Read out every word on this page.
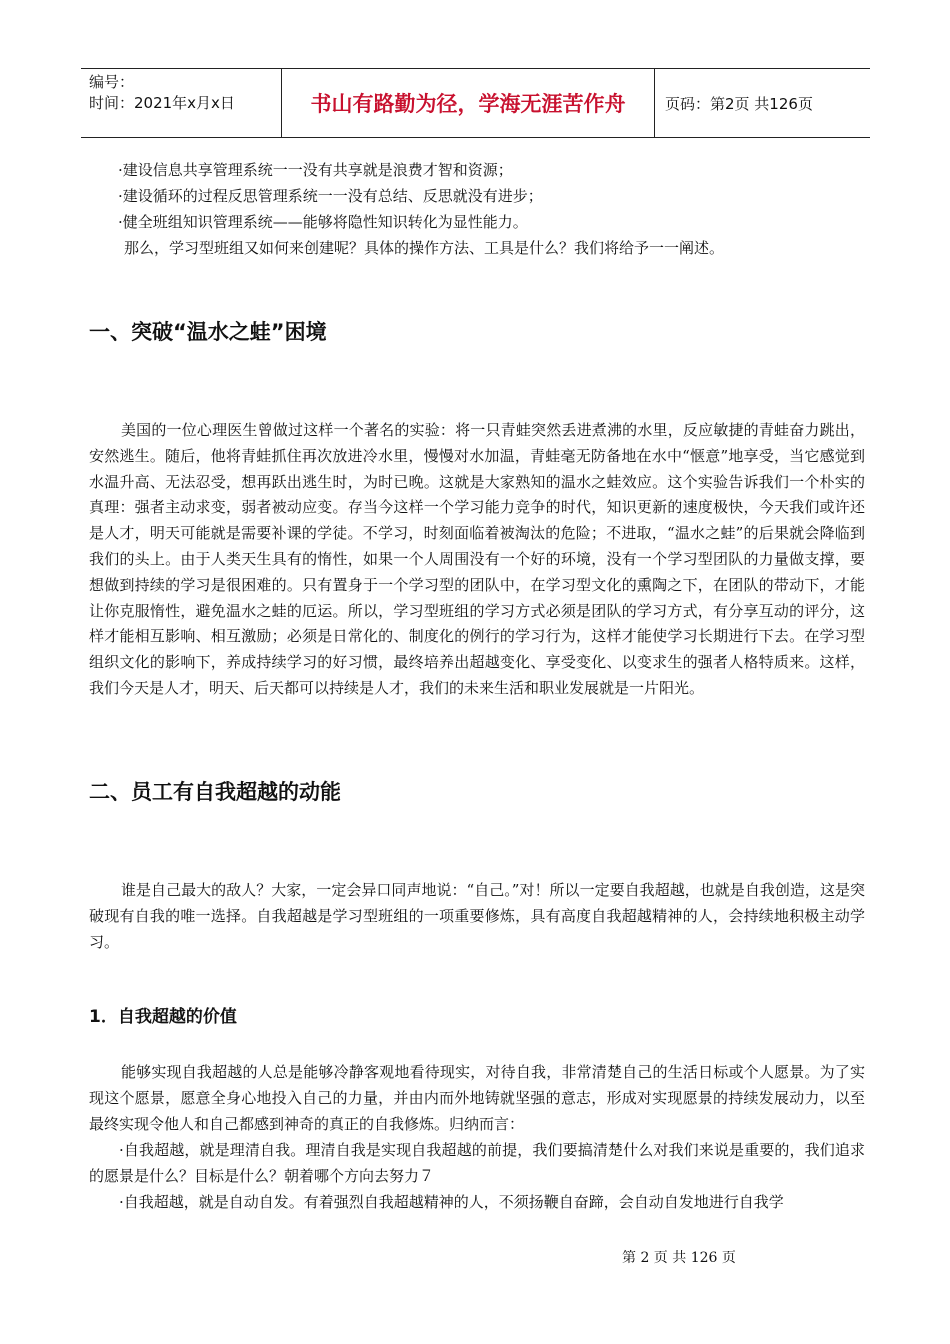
编号：
时间：2021年x月x日	书山有路勤为径，学海无涯苦作舟	页码：第2页 共126页

·建设信息共享管理系统一一没有共享就是浪费才智和资源；

·建设循环的过程反思管理系统一一没有总结、反思就没有进步；

·健全班组知识管理系统——能够将隐性知识转化为显性能力。

那么，学习型班组又如何来创建呢？具体的操作方法、工具是什么？我们将给予一一阐述。

一、突破“温水之蛙”困境

美国的一位心理医生曾做过这样一个著名的实验：将一只青蛙突然丢进煮沸的水里，反应敏捷的青蛙奋力跳出，安然逃生。随后，他将青蛙抓住再次放进冷水里，慢慢对水加温，青蛙毫无防备地在水中“惬意”地享受，当它感觉到水温升高、无法忍受，想再跃出逃生时，为时已晚。这就是大家熟知的温水之蛙效应。这个实验告诉我们一个朴实的真理：强者主动求变，弱者被动应变。存当今这样一个学习能力竞争的时代，知识更新的速度极快，今天我们或许还是人才，明天可能就是需要补课的学徒。不学习，时刻面临着被淘汰的危险；不进取，“温水之蛙”的后果就会降临到我们的头上。由于人类天生具有的惰性，如果一个人周围没有一个好的环境，没有一个学习型团队的力量做支撑，要想做到持续的学习是很困难的。只有置身于一个学习型的团队中，在学习型文化的熏陶之下，在团队的带动下，才能让你克服惰性，避免温水之蛙的厄运。所以，学习型班组的学习方式必须是团队的学习方式，有分享互动的评分，这样才能相互影响、相互激励；必须是日常化的、制度化的例行的学习行为，这样才能使学习长期进行下去。在学习型组织文化的影响下，养成持续学习的好习惯，最终培养出超越变化、享受变化、以变求生的强者人格特质来。这样，我们今天是人才，明天、后天都可以持续是人才，我们的未来生活和职业发展就是一片阳光。

二、员工有自我超越的动能

谁是自己最大的敌人？大家，一定会异口同声地说：“自己。”对！所以一定要自我超越，也就是自我创造，这是突破现有自我的唯一选择。自我超越是学习型班组的一项重要修炼，具有高度自我超越精神的人，会持续地积极主动学习。

1．自我超越的价值

能够实现自我超越的人总是能够冷静客观地看待现实，对待自我，非常清楚自己的生活日标或个人愿景。为了实现这个愿景，愿意全身心地投入自己的力量，并由内而外地铸就坚强的意志，形成对实现愿景的持续发展动力，以至最终实现令他人和自己都感到神奇的真正的自我修炼。归纳而言：

·自我超越，就是理清自我。理清自我是实现自我超越的前提，我们要搞清楚什么对我们来说是重要的，我们追求的愿景是什么？目标是什么？朝着哪个方向去努力７

·自我超越，就是自动自发。有着强烈自我超越精神的人，不须扬鞭自奋蹄，会自动自发地进行自我学

第 2 页 共 126 页
